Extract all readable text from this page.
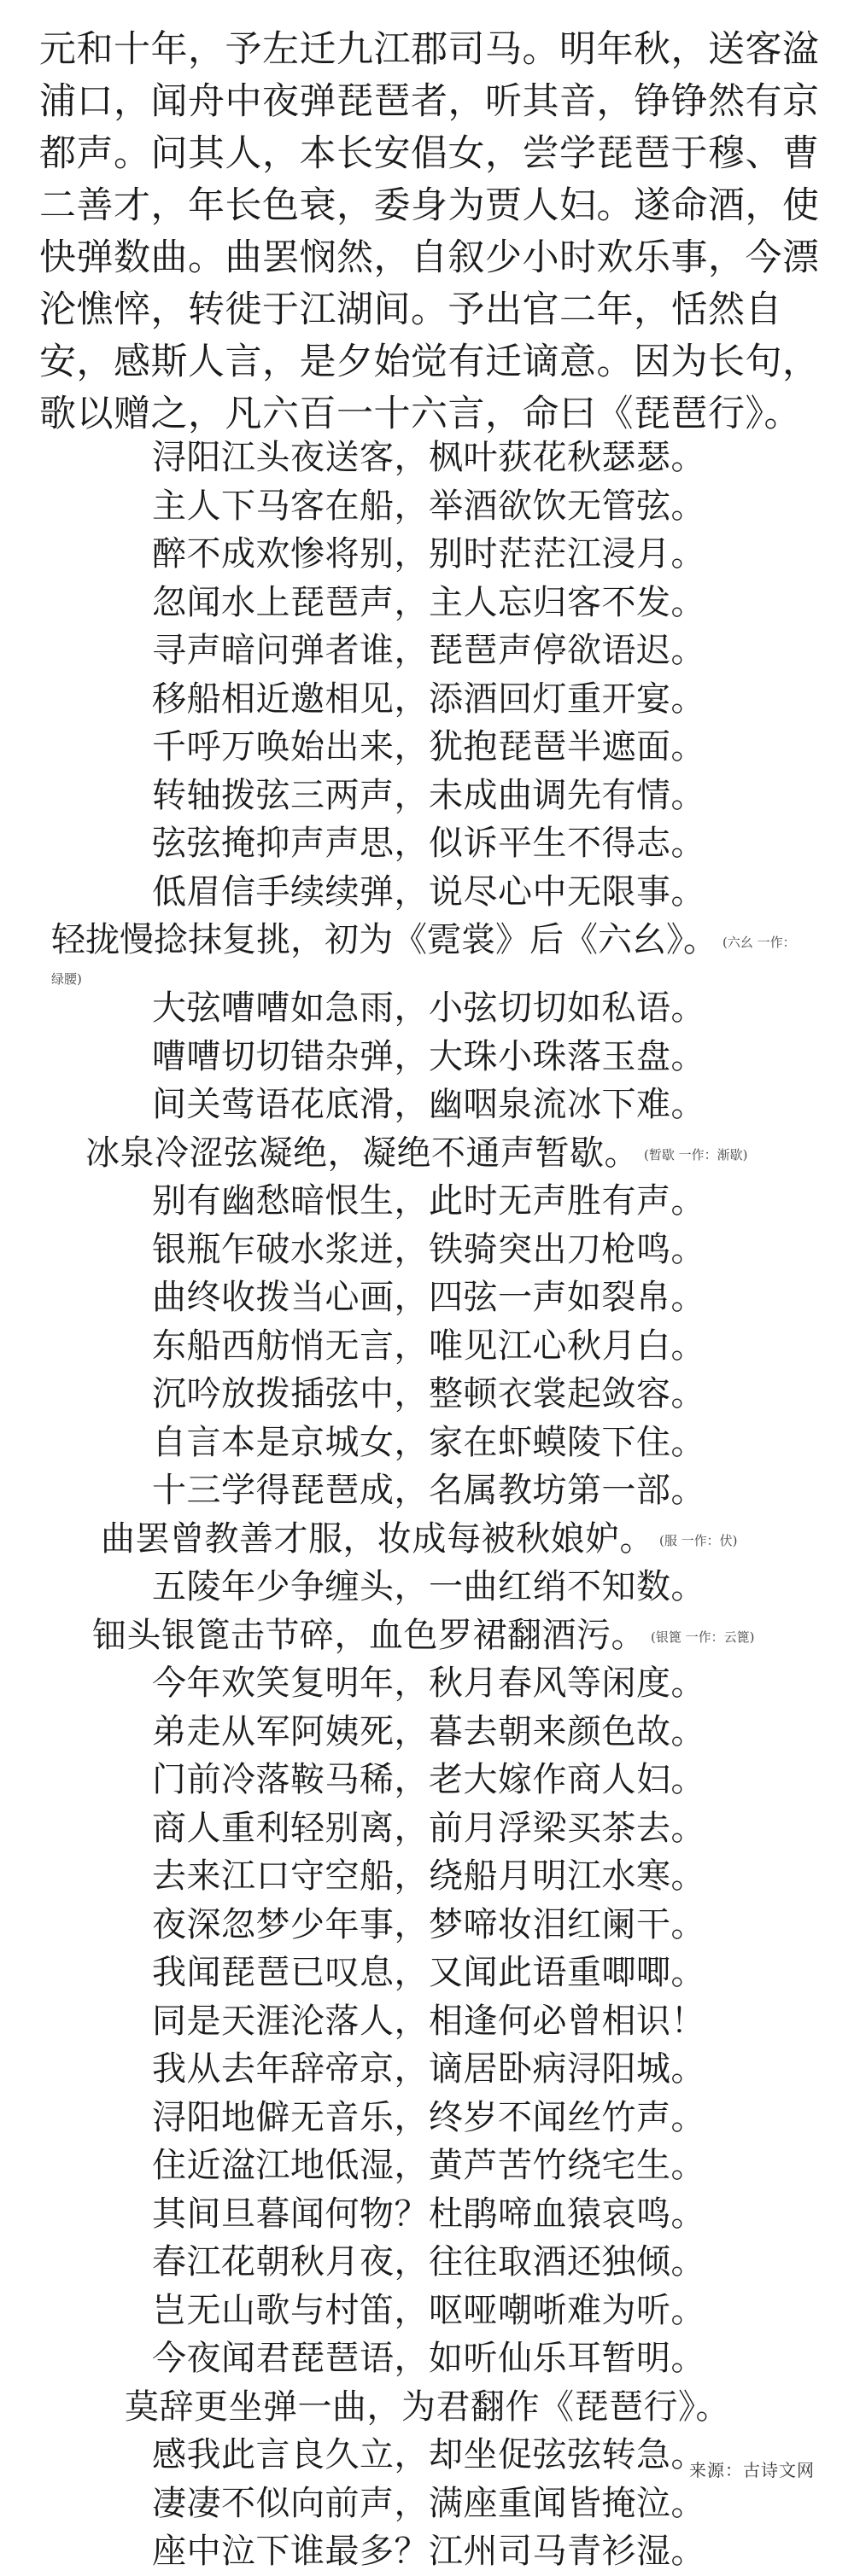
元和十年，予左迁九江郡司马。明年秋，送客湓浦口，闻舟中夜弹琵琶者，听其音，铮铮然有京都声。问其人，本长安倡女，尝学琵琶于穆、曹二善才，年长色衰，委身为贾人妇。遂命酒，使快弹数曲。曲罢悯然，自叙少小时欢乐事，今漂沦憔悴，转徙于江湖间。予出官二年，恬然自安，感斯人言，是夕始觉有迁谪意。因为长句，歌以赠之，凡六百一十六言，命曰《琵琶行》。

浔阳江头夜送客，枫叶荻花秋瑟瑟。
主人下马客在船，举酒欲饮无管弦。
醉不成欢惨将别，别时茫茫江浸月。
忽闻水上琵琶声，主人忘归客不发。
寻声暗问弹者谁，琵琶声停欲语迟。
移船相近邀相见，添酒回灯重开宴。
千呼万唤始出来，犹抱琵琶半遮面。
转轴拨弦三两声，未成曲调先有情。
弦弦掩抑声声思，似诉平生不得志。
低眉信手续续弹，说尽心中无限事。
轻拢慢捻抹复挑，初为《霓裳》后《六幺》。 (六幺 一作：
绿腰)
大弦嘈嘈如急雨，小弦切切如私语。
嘈嘈切切错杂弹，大珠小珠落玉盘。
间关莺语花底滑，幽咽泉流冰下难。
冰泉冷涩弦凝绝，凝绝不通声暂歇。 (暂歇 一作：渐歇)
别有幽愁暗恨生，此时无声胜有声。
银瓶乍破水浆迸，铁骑突出刀枪鸣。
曲终收拨当心画，四弦一声如裂帛。
东船西舫悄无言，唯见江心秋月白。
沉吟放拨插弦中，整顿衣裳起敛容。
自言本是京城女，家在虾蟆陵下住。
十三学得琵琶成，名属教坊第一部。
曲罢曾教善才服，妆成每被秋娘妒。 (服 一作：伏)
五陵年少争缠头，一曲红绡不知数。
钿头银篦击节碎，血色罗裙翻酒污。 (银篦 一作：云篦)
今年欢笑复明年，秋月春风等闲度。
弟走从军阿姨死，暮去朝来颜色故。
门前冷落鞍马稀，老大嫁作商人妇。
商人重利轻别离，前月浮梁买茶去。
去来江口守空船，绕船月明江水寒。
夜深忽梦少年事，梦啼妆泪红阑干。
我闻琵琶已叹息，又闻此语重唧唧。
同是天涯沦落人，相逢何必曾相识！
我从去年辞帝京，谪居卧病浔阳城。
浔阳地僻无音乐，终岁不闻丝竹声。
住近湓江地低湿，黄芦苦竹绕宅生。
其间旦暮闻何物？杜鹃啼血猿哀鸣。
春江花朝秋月夜，往往取酒还独倾。
岂无山歌与村笛，呕哑嘲哳难为听。
今夜闻君琵琶语，如听仙乐耳暂明。
莫辞更坐弹一曲，为君翻作《琵琶行》。
感我此言良久立，却坐促弦弦转急。
凄凄不似向前声，满座重闻皆掩泣。
座中泣下谁最多？江州司马青衫湿。
来源：古诗文网
